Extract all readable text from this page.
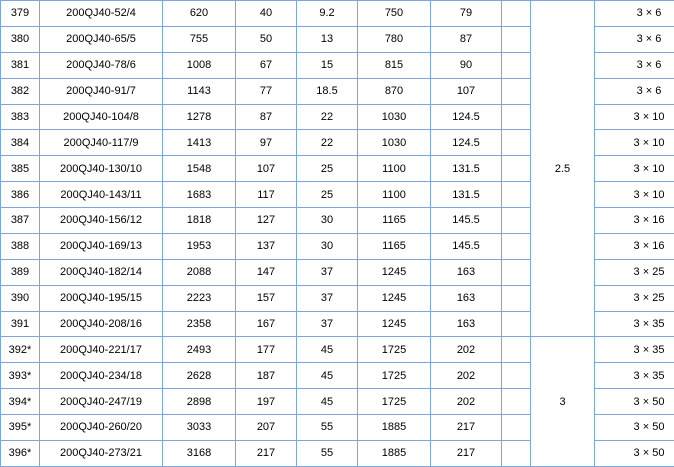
379	200QJ40-52/4	620	40	9.2	750	79		2.5	3 × 6
380	200QJ40-65/5	755	50	13	780	87			3 × 6
381	200QJ40-78/6	1008	67	15	815	90			3 × 6
382	200QJ40-91/7	1143	77	18.5	870	107			3 × 6
383	200QJ40-104/8	1278	87	22	1030	124.5			3 × 10
384	200QJ40-117/9	1413	97	22	1030	124.5			3 × 10
385	200QJ40-130/10	1548	107	25	1100	131.5			3 × 10
386	200QJ40-143/11	1683	117	25	1100	131.5			3 × 10
387	200QJ40-156/12	1818	127	30	1165	145.5			3 × 16
388	200QJ40-169/13	1953	137	30	1165	145.5			3 × 16
389	200QJ40-182/14	2088	147	37	1245	163			3 × 25
390	200QJ40-195/15	2223	157	37	1245	163			3 × 25
391	200QJ40-208/16	2358	167	37	1245	163			3 × 35
392*	200QJ40-221/17	2493	177	45	1725	202		3	3 × 35
393*	200QJ40-234/18	2628	187	45	1725	202			3 × 35
394*	200QJ40-247/19	2898	197	45	1725	202			3 × 50
395*	200QJ40-260/20	3033	207	55	1885	217			3 × 50
396*	200QJ40-273/21	3168	217	55	1885	217			3 × 50
